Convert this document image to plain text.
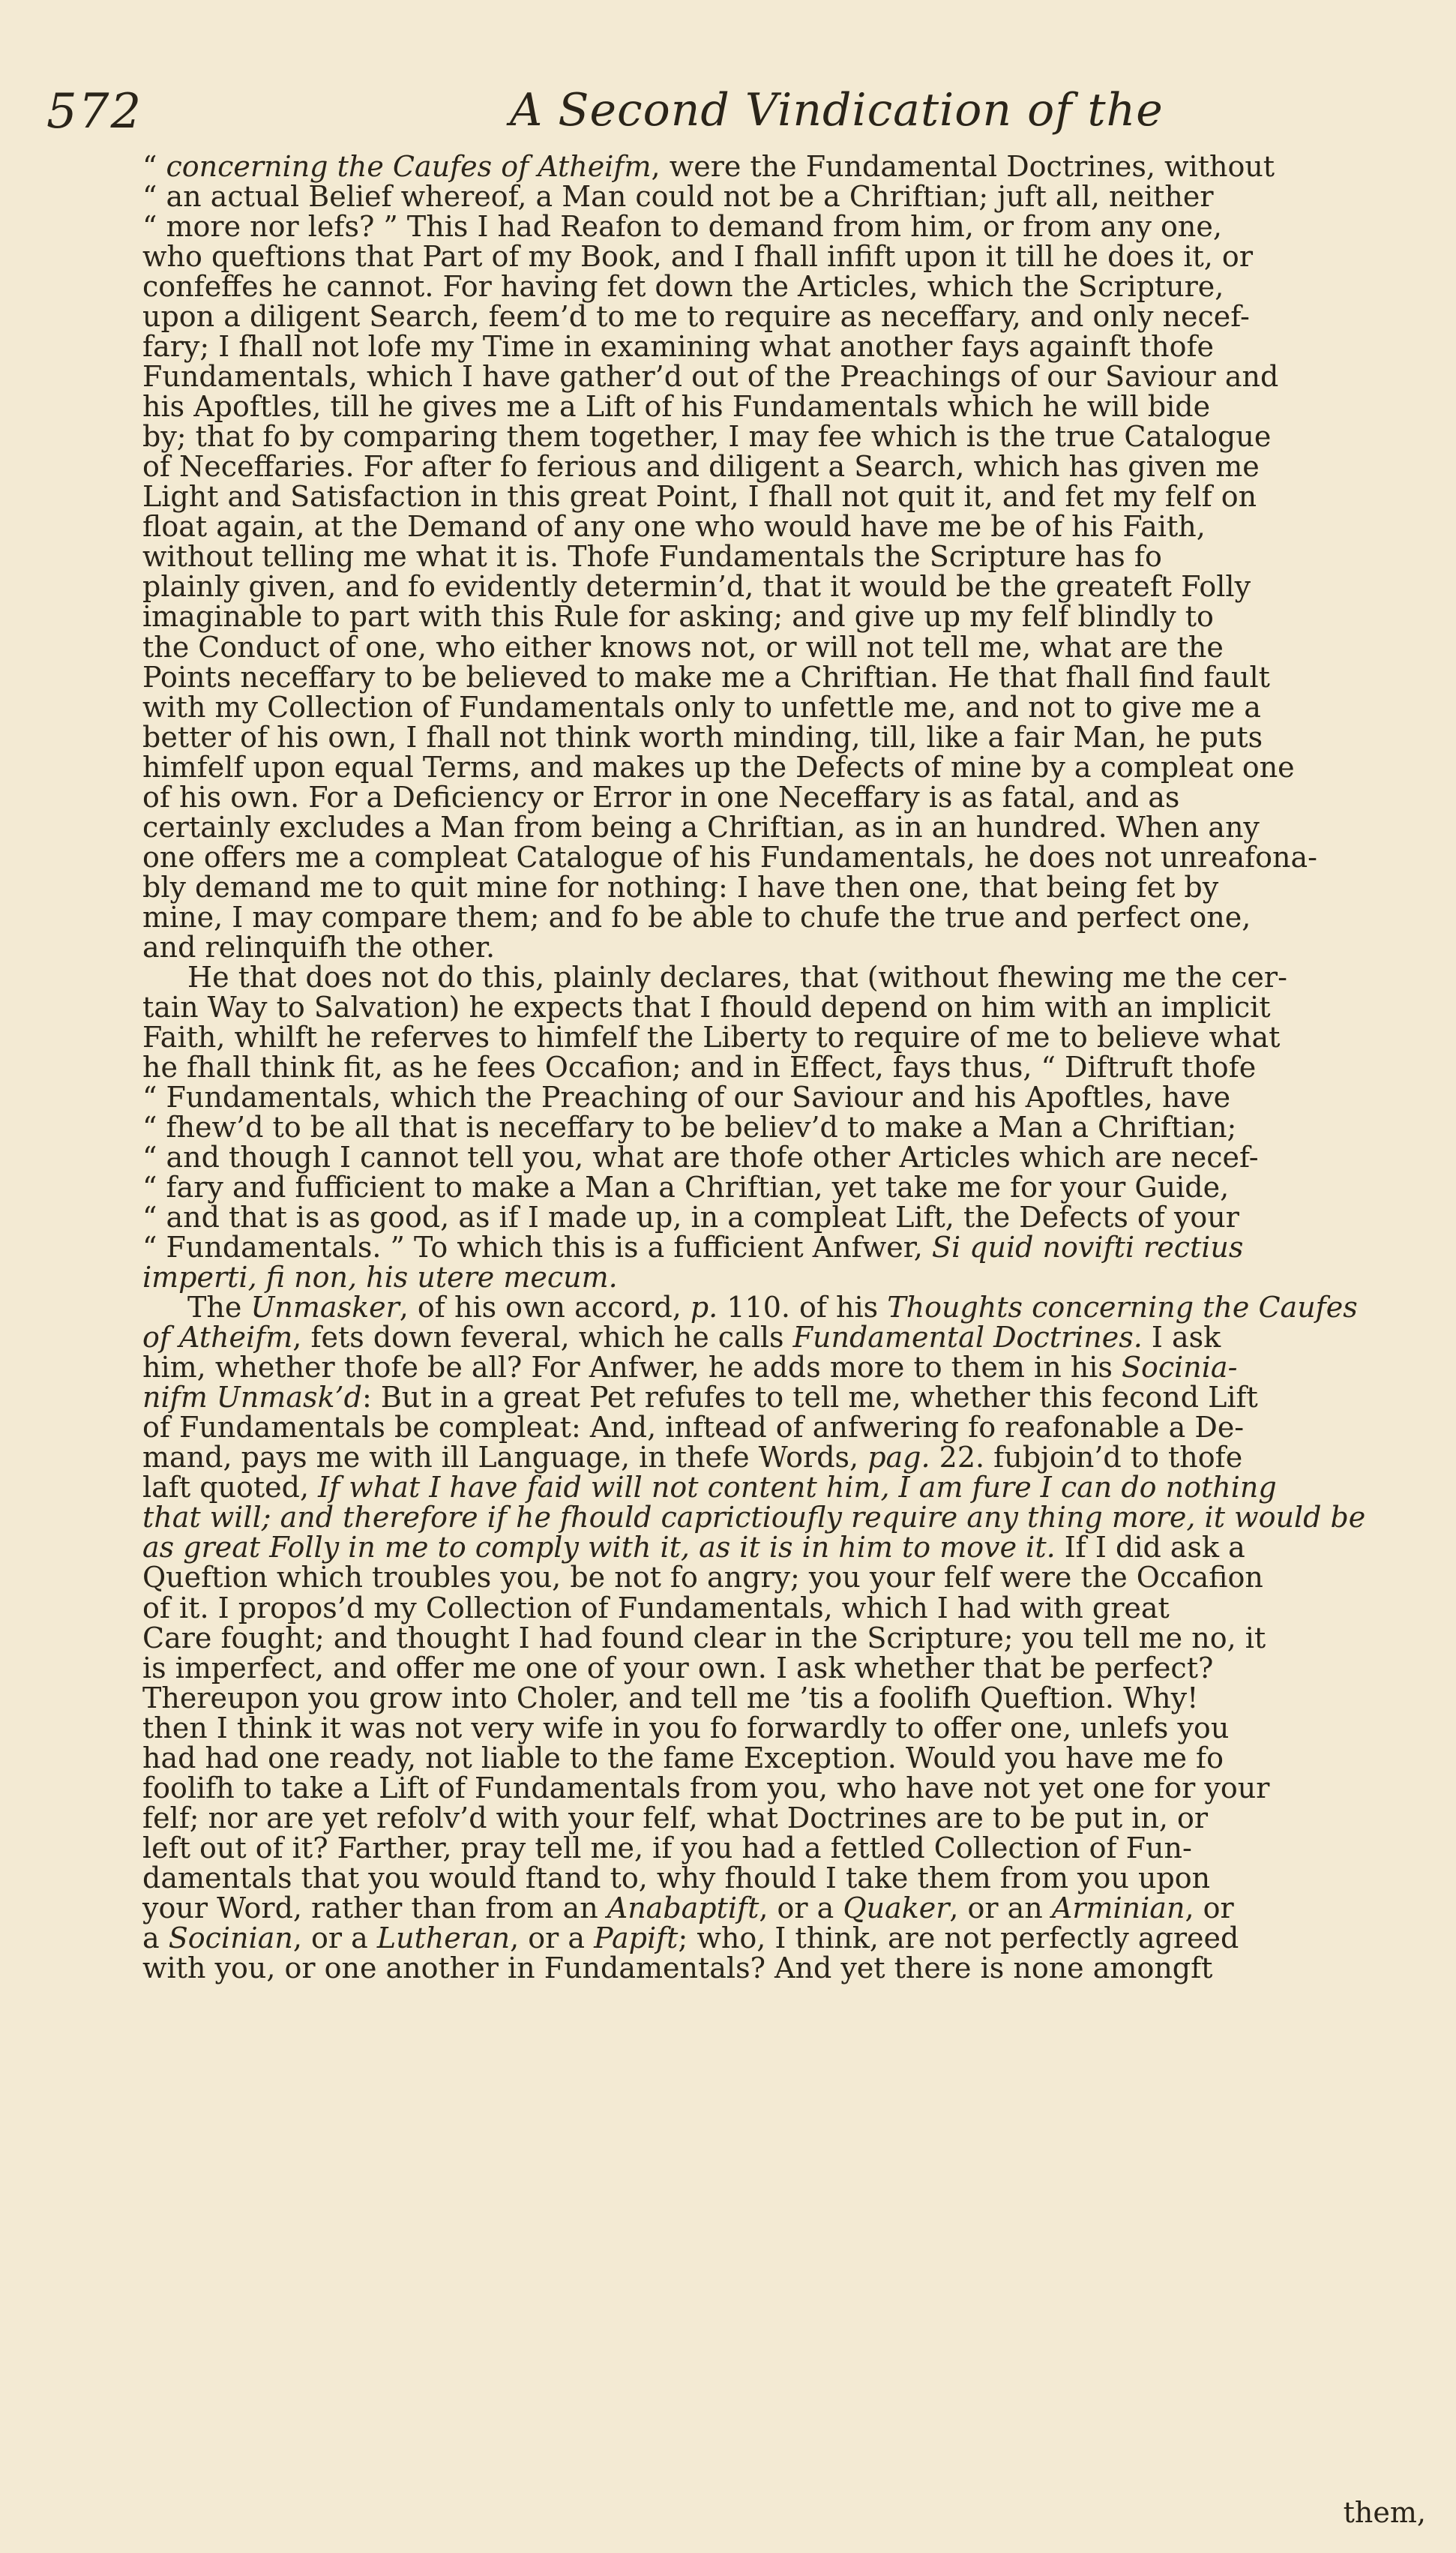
572	A Second Vindication of the
“ concerning the Caufes of Atheifm, were the Fundamental Doctrines, without
“ an actual Belief whereof, a Man could not be a Chriftian; juft all, neither
“ more nor lefs? ” This I had Reafon to demand from him, or from any one,
who queftions that Part of my Book, and I fhall infift upon it till he does it, or
confeffes he cannot. For having fet down the Articles, which the Scripture,
upon a diligent Search, feem’d to me to require as neceffary, and only necef-
fary; I fhall not lofe my Time in examining what another fays againft thofe
Fundamentals, which I have gather’d out of the Preachings of our Saviour and
his Apoftles, till he gives me a Lift of his Fundamentals which he will bide
by; that fo by comparing them together, I may fee which is the true Catalogue
of Neceffaries. For after fo ferious and diligent a Search, which has given me
Light and Satisfaction in this great Point, I fhall not quit it, and fet my felf on
float again, at the Demand of any one who would have me be of his Faith,
without telling me what it is. Thofe Fundamentals the Scripture has fo
plainly given, and fo evidently determin’d, that it would be the greateft Folly
imaginable to part with this Rule for asking; and give up my felf blindly to
the Conduct of one, who either knows not, or will not tell me, what are the
Points neceffary to be believed to make me a Chriftian. He that fhall find fault
with my Collection of Fundamentals only to unfettle me, and not to give me a
better of his own, I fhall not think worth minding, till, like a fair Man, he puts
himfelf upon equal Terms, and makes up the Defects of mine by a compleat one
of his own. For a Deficiency or Error in one Neceffary is as fatal, and as
certainly excludes a Man from being a Chriftian, as in an hundred. When any
one offers me a compleat Catalogue of his Fundamentals, he does not unreafona-
bly demand me to quit mine for nothing: I have then one, that being fet by
mine, I may compare them; and fo be able to chufe the true and perfect one,
and relinquifh the other.
He that does not do this, plainly declares, that (without fhewing me the cer-
tain Way to Salvation) he expects that I fhould depend on him with an implicit
Faith, whilft he referves to himfelf the Liberty to require of me to believe what
he fhall think fit, as he fees Occafion; and in Effect, fays thus, “ Diftruft thofe
“ Fundamentals, which the Preaching of our Saviour and his Apoftles, have
“ fhew’d to be all that is neceffary to be believ’d to make a Man a Chriftian;
“ and though I cannot tell you, what are thofe other Articles which are necef-
“ fary and fufficient to make a Man a Chriftian, yet take me for your Guide,
“ and that is as good, as if I made up, in a compleat Lift, the Defects of your
“ Fundamentals. ” To which this is a fufficient Anfwer, Si quid novifti rectius
imperti, fi non, his utere mecum.
The Unmasker, of his own accord, p. 110. of his Thoughts concerning the Caufes
of Atheifm, fets down feveral, which he calls Fundamental Doctrines. I ask
him, whether thofe be all? For Anfwer, he adds more to them in his Socinia-
nifm Unmask’d: But in a great Pet refufes to tell me, whether this fecond Lift
of Fundamentals be compleat: And, inftead of anfwering fo reafonable a De-
mand, pays me with ill Language, in thefe Words, pag. 22. fubjoin’d to thofe
laft quoted, If what I have faid will not content him, I am fure I can do nothing
that will; and therefore if he fhould caprictioufly require any thing more, it would be
as great Folly in me to comply with it, as it is in him to move it. If I did ask a
Queftion which troubles you, be not fo angry; you your felf were the Occafion
of it. I propos’d my Collection of Fundamentals, which I had with great
Care fought; and thought I had found clear in the Scripture; you tell me no, it
is imperfect, and offer me one of your own. I ask whether that be perfect?
Thereupon you grow into Choler, and tell me ’tis a foolifh Queftion. Why!
then I think it was not very wife in you fo forwardly to offer one, unlefs you
had had one ready, not liable to the fame Exception. Would you have me fo
foolifh to take a Lift of Fundamentals from you, who have not yet one for your
felf; nor are yet refolv’d with your felf, what Doctrines are to be put in, or
left out of it? Farther, pray tell me, if you had a fettled Collection of Fun-
damentals that you would ftand to, why fhould I take them from you upon
your Word, rather than from an Anabaptift, or a Quaker, or an Arminian, or
a Socinian, or a Lutheran, or a Papift; who, I think, are not perfectly agreed
with you, or one another in Fundamentals? And yet there is none amongft
them,
